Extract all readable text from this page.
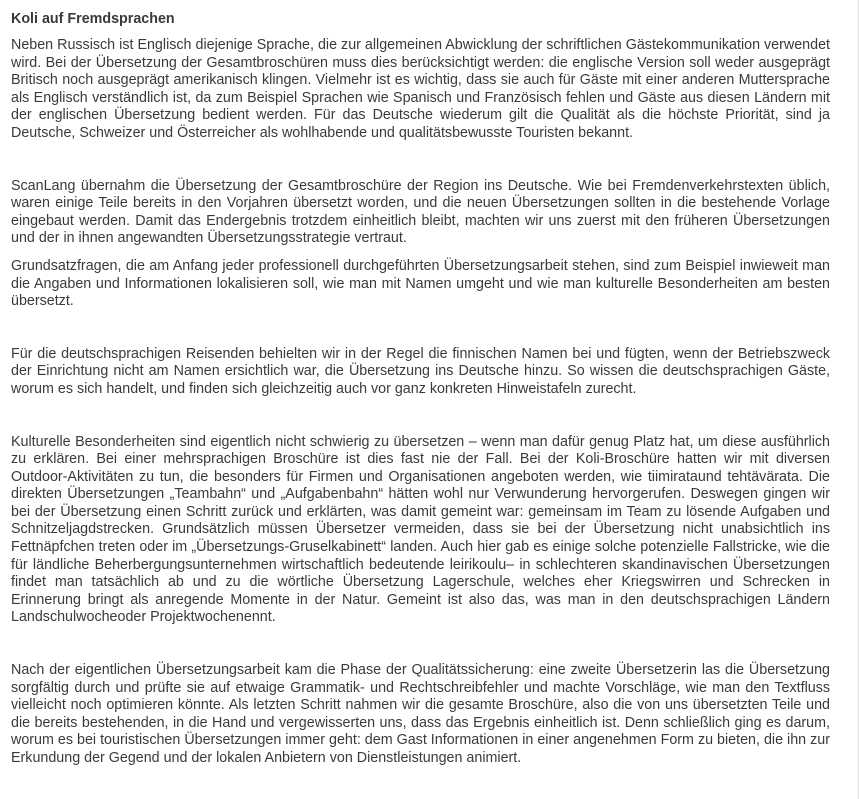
Koli auf Fremdsprachen

Neben Russisch ist Englisch diejenige Sprache, die zur allgemeinen Abwicklung der schriftlichen Gästekommunikation verwendet wird. Bei der Übersetzung der Gesamtbroschüren muss dies berücksichtigt werden: die englische Version soll weder ausgeprägt Britisch noch ausgeprägt amerikanisch klingen. Vielmehr ist es wichtig, dass sie auch für Gäste mit einer anderen Muttersprache als Englisch verständlich ist, da zum Beispiel Sprachen wie Spanisch und Französisch fehlen und Gäste aus diesen Ländern mit der englischen Übersetzung bedient werden. Für das Deutsche wiederum gilt die Qualität als die höchste Priorität, sind ja Deutsche, Schweizer und Österreicher als wohlhabende und qualitätsbewusste Touristen bekannt.

ScanLang übernahm die Übersetzung der Gesamtbroschüre der Region ins Deutsche. Wie bei Fremdenverkehrstexten üblich, waren einige Teile bereits in den Vorjahren übersetzt worden, und die neuen Übersetzungen sollten in die bestehende Vorlage eingebaut werden. Damit das Endergebnis trotzdem einheitlich bleibt, machten wir uns zuerst mit den früheren Übersetzungen und der in ihnen angewandten Übersetzungsstrategie vertraut.

Grundsatzfragen, die am Anfang jeder professionell durchgeführten Übersetzungsarbeit stehen, sind zum Beispiel inwieweit man die Angaben und Informationen lokalisieren soll, wie man mit Namen umgeht und wie man kulturelle Besonderheiten am besten übersetzt.

Für die deutschsprachigen Reisenden behielten wir in der Regel die finnischen Namen bei und fügten, wenn der Betriebszweck der Einrichtung nicht am Namen ersichtlich war, die Übersetzung ins Deutsche hinzu. So wissen die deutschsprachigen Gäste, worum es sich handelt, und finden sich gleichzeitig auch vor ganz konkreten Hinweistafeln zurecht.

Kulturelle Besonderheiten sind eigentlich nicht schwierig zu übersetzen – wenn man dafür genug Platz hat, um diese ausführlich zu erklären. Bei einer mehrsprachigen Broschüre ist dies fast nie der Fall. Bei der Koli-Broschüre hatten wir mit diversen Outdoor-Aktivitäten zu tun, die besonders für Firmen und Organisationen angeboten werden, wie tiimirataund tehtävärata. Die direkten Übersetzungen „Teambahn“ und „Aufgabenbahn“ hätten wohl nur Verwunderung hervorgerufen. Deswegen gingen wir bei der Übersetzung einen Schritt zurück und erklärten, was damit gemeint war: gemeinsam im Team zu lösende Aufgaben und Schnitzeljagdstrecken. Grundsätzlich müssen Übersetzer vermeiden, dass sie bei der Übersetzung nicht unabsichtlich ins Fettnäpfchen treten oder im „Übersetzungs-Gruselkabinett“ landen. Auch hier gab es einige solche potenzielle Fallstricke, wie die für ländliche Beherbergungsunternehmen wirtschaftlich bedeutende leirikoulu– in schlechteren skandinavischen Übersetzungen findet man tatsächlich ab und zu die wörtliche Übersetzung Lagerschule, welches eher Kriegswirren und Schrecken in Erinnerung bringt als anregende Momente in der Natur. Gemeint ist also das, was man in den deutschsprachigen Ländern Landschulwocheoder Projektwochenennt.

Nach der eigentlichen Übersetzungsarbeit kam die Phase der Qualitätssicherung: eine zweite Übersetzerin las die Übersetzung sorgfältig durch und prüfte sie auf etwaige Grammatik- und Rechtschreibfehler und machte Vorschläge, wie man den Textfluss vielleicht noch optimieren könnte. Als letzten Schritt nahmen wir die gesamte Broschüre, also die von uns übersetzten Teile und die bereits bestehenden, in die Hand und vergewisserten uns, dass das Ergebnis einheitlich ist. Denn schließlich ging es darum, worum es bei touristischen Übersetzungen immer geht: dem Gast Informationen in einer angenehmen Form zu bieten, die ihn zur Erkundung der Gegend und der lokalen Anbietern von Dienstleistungen animiert.
